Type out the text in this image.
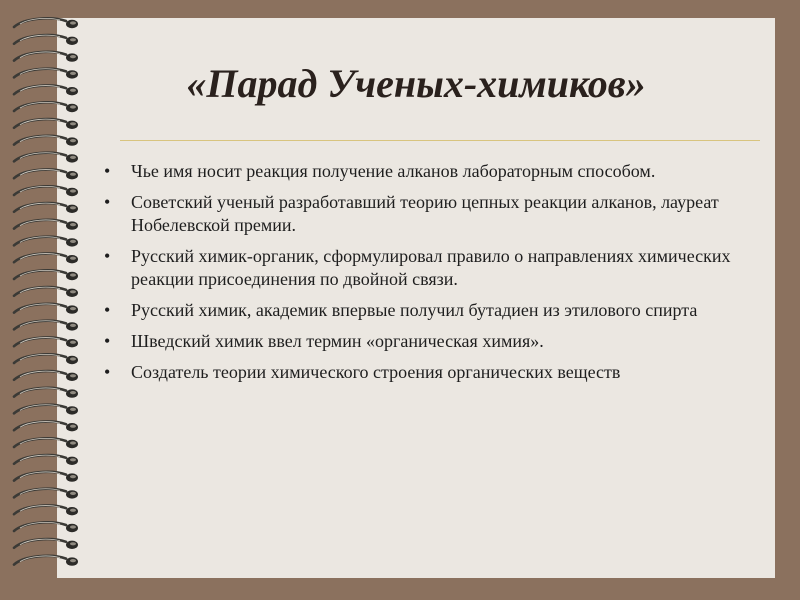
«Парад Ученых-химиков»
• Чье имя носит реакция получение алканов лабораторным способом.
• Советский ученый разработавший теорию цепных реакции алканов, лауреат Нобелевской премии.
• Русский химик-органик, сформулировал правило о направлениях химических реакции присоединения по двойной связи.
• Русский химик, академик впервые получил бутадиен из этилового спирта
• Шведский химик ввел термин «органическая химия».
• Создатель теории химического строения органических веществ
